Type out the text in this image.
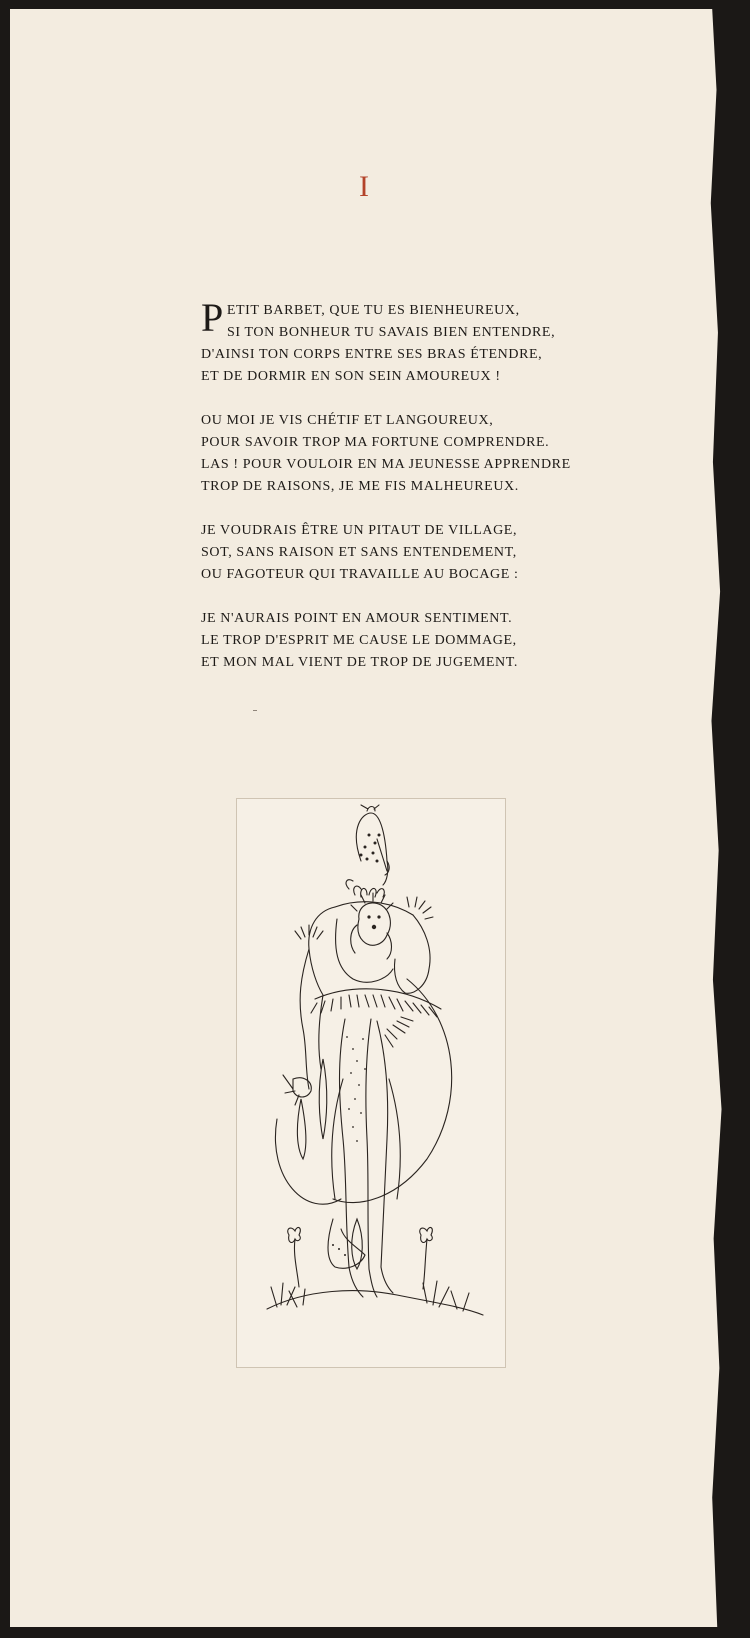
I
PETIT BARBET, QUE TU ES BIENHEUREUX,
SI TON BONHEUR TU SAVAIS BIEN ENTENDRE,
D'AINSI TON CORPS ENTRE SES BRAS ÉTENDRE,
ET DE DORMIR EN SON SEIN AMOUREUX !
OU MOI JE VIS CHÉTIF ET LANGOUREUX,
POUR SAVOIR TROP MA FORTUNE COMPRENDRE.
LAS ! POUR VOULOIR EN MA JEUNESSE APPRENDRE
TROP DE RAISONS, JE ME FIS MALHEUREUX.
JE VOUDRAIS ÊTRE UN PITAUT DE VILLAGE,
SOT, SANS RAISON ET SANS ENTENDEMENT,
OU FAGOTEUR QUI TRAVAILLE AU BOCAGE :
JE N'AURAIS POINT EN AMOUR SENTIMENT.
LE TROP D'ESPRIT ME CAUSE LE DOMMAGE,
ET MON MAL VIENT DE TROP DE JUGEMENT.
